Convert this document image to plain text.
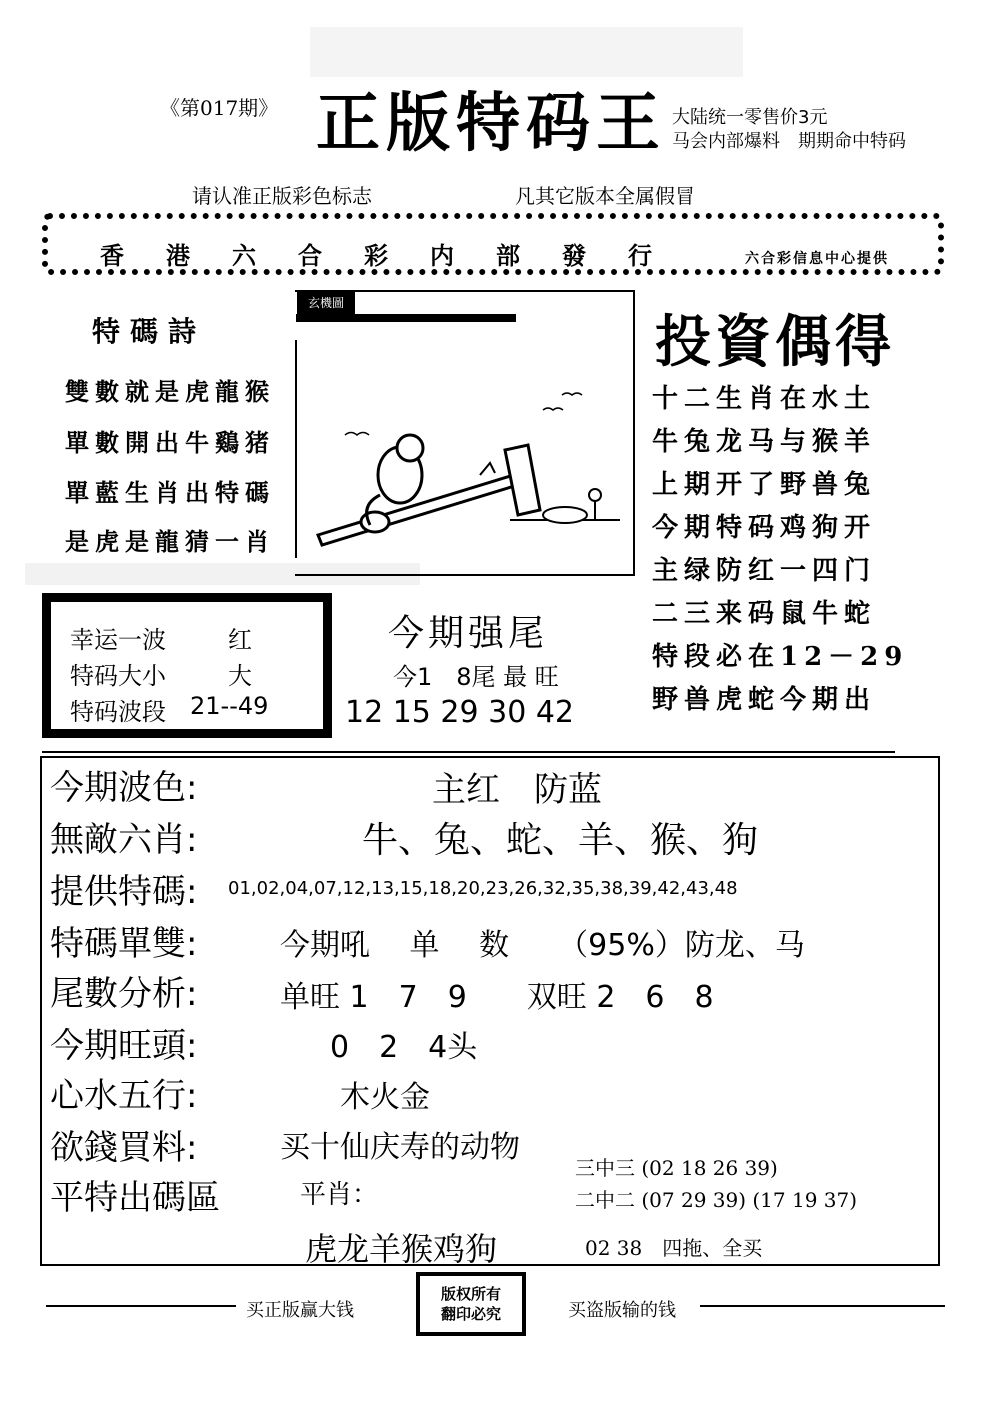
《第017期》 正版特码王 大陆统一零售价3元
马会内部爆料　期期命中特码
请认准正版彩色标志	凡其它版本全属假冒
香港六合彩内部發行	六合彩信息中心提供
特碼詩
雙數就是虎龍猴
單數開出牛鷄猪
單藍生肖出特碼
是虎是龍猜一肖
玄機圖
投資偶得
十二生肖在水土
牛兔龙马与猴羊
上期开了野兽兔
今期特码鸡狗开
主绿防红一四门
二三来码鼠牛蛇
特段必在12－29
野兽虎蛇今期出
幸运一波	红
特码大小	大
特码波段 21--49
今期强尾
今1　8尾 最 旺
12 15 29 30 42
今期波色:	主红　防蓝
無敵六肖:	牛、兔、蛇、羊、猴、狗
提供特碼: 01,02,04,07,12,13,15,18,20,23,26,32,35,38,39,42,43,48
特碼單雙:	今期吼　 单 　数 　 （95%）防龙、马
尾數分析:	单旺 1　7　9　　双旺 2　6　8
今期旺頭:	0　2　4头
心水五行:	木火金
欲錢買料:	买十仙庆寿的动物
平特出碼區	平肖：
虎龙羊猴鸡狗
三中三 (02 18 26 39)
二中二 (07 29 39) (17 19 37)
02 38　四拖、全买
买正版赢大钱
版权所有
翻印必究	买盗版输的钱
